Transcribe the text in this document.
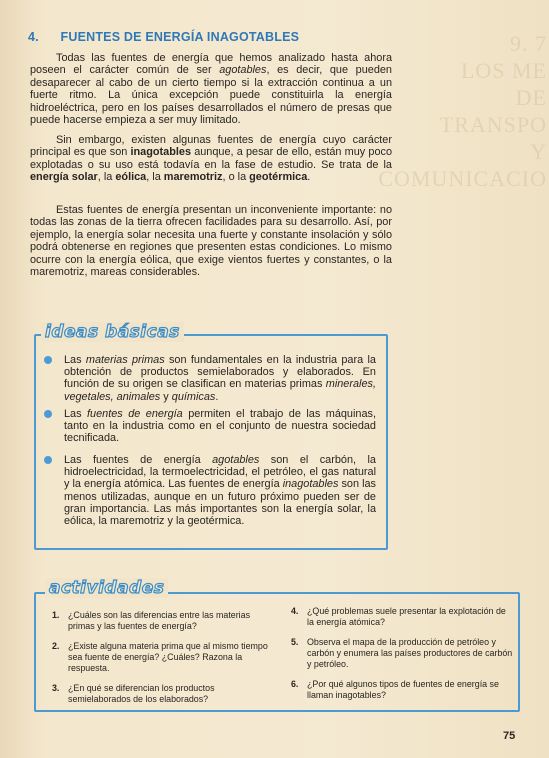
9. 7
LOS ME
DE
TRANSPO
Y
COMUNICACIO
4. FUENTES DE ENERGÍA INAGOTABLES

Todas las fuentes de energía que hemos analizado hasta ahora poseen el carácter común de ser agotables, es decir, que pueden desaparecer al cabo de un cierto tiempo si la extracción continua a un fuerte ritmo. La única excepción puede constituirla la energía hidroeléctrica, pero en los países desarrollados el número de presas que puede hacerse empieza a ser muy limitado.

Sin embargo, existen algunas fuentes de energía cuyo carácter principal es que son inagotables aunque, a pesar de ello, están muy poco explotadas o su uso está todavía en la fase de estudio. Se trata de la energía solar, la eólica, la maremotriz, o la geotérmica.

Estas fuentes de energía presentan un inconveniente importante: no todas las zonas de la tierra ofrecen facilidades para su desarrollo. Así, por ejemplo, la energía solar necesita una fuerte y constante insolación y sólo podrá obtenerse en regiones que presenten estas condiciones. Lo mismo ocurre con la energía eólica, que exige vientos fuertes y constantes, o la maremotriz, mareas considerables.

Las materias primas son fundamentales en la industria para la obtención de productos semielaborados y elaborados. En función de su origen se clasifican en materias primas minerales, vegetales, animales y químicas.
Las fuentes de energía permiten el trabajo de las máquinas, tanto en la industria como en el conjunto de nuestra sociedad tecnificada.
Las fuentes de energía agotables son el carbón, la hidroelectricidad, la termoelectricidad, el petróleo, el gas natural y la energía atómica. Las fuentes de energía inagotables son las menos utilizadas, aunque en un futuro próximo pueden ser de gran importancia. Las más importantes son la energía solar, la eólica, la maremotriz y la geotérmica.
ideas básicas
1. ¿Cuáles son las diferencias entre las materias primas y las fuentes de energía?
2. ¿Existe alguna materia prima que al mismo tiempo sea fuente de energía? ¿Cuáles? Razona la respuesta.
3. ¿En qué se diferencian los productos semielaborados de los elaborados?
4. ¿Qué problemas suele presentar la explotación de la energía atómica?
5. Observa el mapa de la producción de petróleo y carbón y enumera las países productores de carbón y petróleo.
6. ¿Por qué algunos tipos de fuentes de energía se llaman inagotables?
actividades
75
